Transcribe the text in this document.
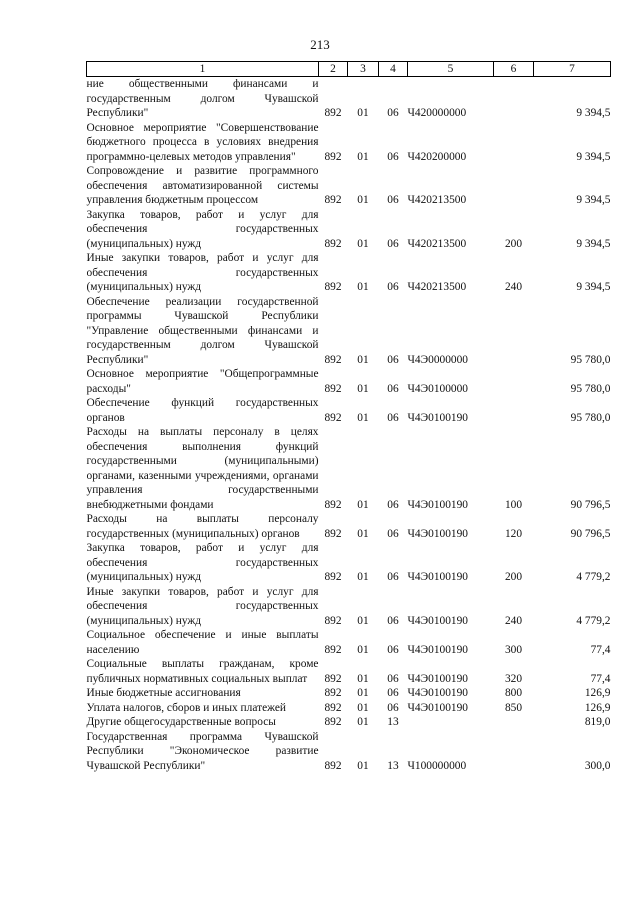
213
1	2	3	4	5	6	7
ние общественными финансами и государственным долгом Чувашской Республики"	892	01	06	Ч420000000		9 394,5
Основное мероприятие "Совершенствование бюджетного процесса в условиях внедрения программно-целевых методов управления"	892	01	06	Ч420200000		9 394,5
Сопровождение и развитие программного обеспечения автоматизированной системы управления бюджетным процессом	892	01	06	Ч420213500		9 394,5
Закупка товаров, работ и услуг для обеспечения государственных (муниципальных) нужд	892	01	06	Ч420213500	200	9 394,5
Иные закупки товаров, работ и услуг для обеспечения государственных (муниципальных) нужд	892	01	06	Ч420213500	240	9 394,5
Обеспечение реализации государственной программы Чувашской Республики "Управление общественными финансами и государственным долгом Чувашской Республики"	892	01	06	Ч4Э0000000		95 780,0
Основное мероприятие "Общепрограммные расходы"	892	01	06	Ч4Э0100000		95 780,0
Обеспечение функций государственных органов	892	01	06	Ч4Э0100190		95 780,0
Расходы на выплаты персоналу в целях обеспечения выполнения функций государственными (муниципальными) органами, казенными учреждениями, органами управления государственными внебюджетными фондами	892	01	06	Ч4Э0100190	100	90 796,5
Расходы на выплаты персоналу государственных (муниципальных) органов	892	01	06	Ч4Э0100190	120	90 796,5
Закупка товаров, работ и услуг для обеспечения государственных (муниципальных) нужд	892	01	06	Ч4Э0100190	200	4 779,2
Иные закупки товаров, работ и услуг для обеспечения государственных (муниципальных) нужд	892	01	06	Ч4Э0100190	240	4 779,2
Социальное обеспечение и иные выплаты населению	892	01	06	Ч4Э0100190	300	77,4
Социальные выплаты гражданам, кроме публичных нормативных социальных выплат	892	01	06	Ч4Э0100190	320	77,4
Иные бюджетные ассигнования	892	01	06	Ч4Э0100190	800	126,9
Уплата налогов, сборов и иных платежей	892	01	06	Ч4Э0100190	850	126,9
Другие общегосударственные вопросы	892	01	13			819,0
Государственная программа Чувашской Республики "Экономическое развитие Чувашской Республики"	892	01	13	Ч100000000		300,0
